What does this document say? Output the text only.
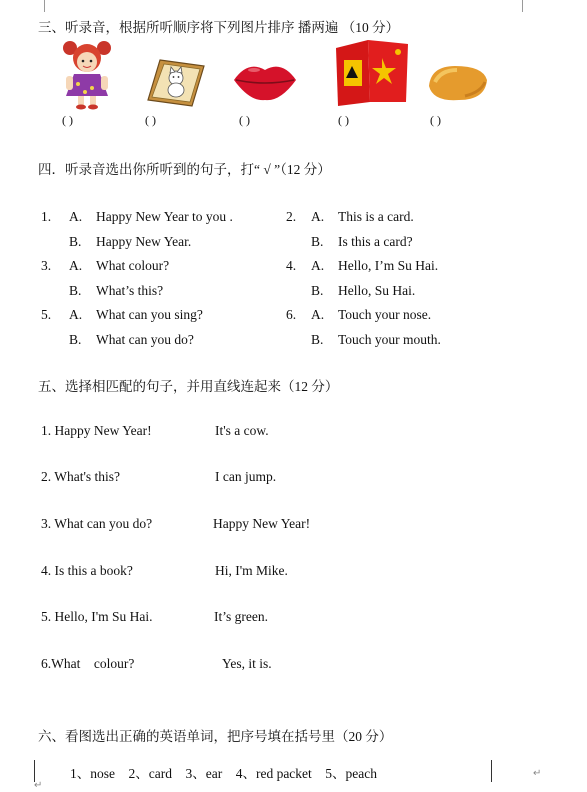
三、听录音，根据所听顺序将下列图片排序 播两遍 （10 分）
( )	( )	( )	( )	( )
四．听录音选出你所听到的句子，打“ √ ”（12 分）
1. A. Happy New Year to you .
B. Happy New Year.
3. A. What colour?
B. What’s this?
5. A. What can you sing?
B. What can you do?
2. A. This is a card.
B. Is this a card?
4. A. Hello, I’m Su Hai.
B. Hello, Su Hai.
6. A. Touch your nose.
B. Touch your mouth.
五、选择相匹配的句子，并用直线连起来（12 分）
1. Happy New Year!	It's a cow.
2. What's this?	I can jump.
3. What can you do?	Happy New Year!
4. Is this a book?	Hi, I'm Mike.
5. Hello, I'm Su Hai.	It’s green.
6.What    colour?	Yes, it is.
六、看图选出正确的英语单词，把序号填在括号里（20 分）
1、nose    2、card    3、ear    4、red packet    5、peach	↵
↵
